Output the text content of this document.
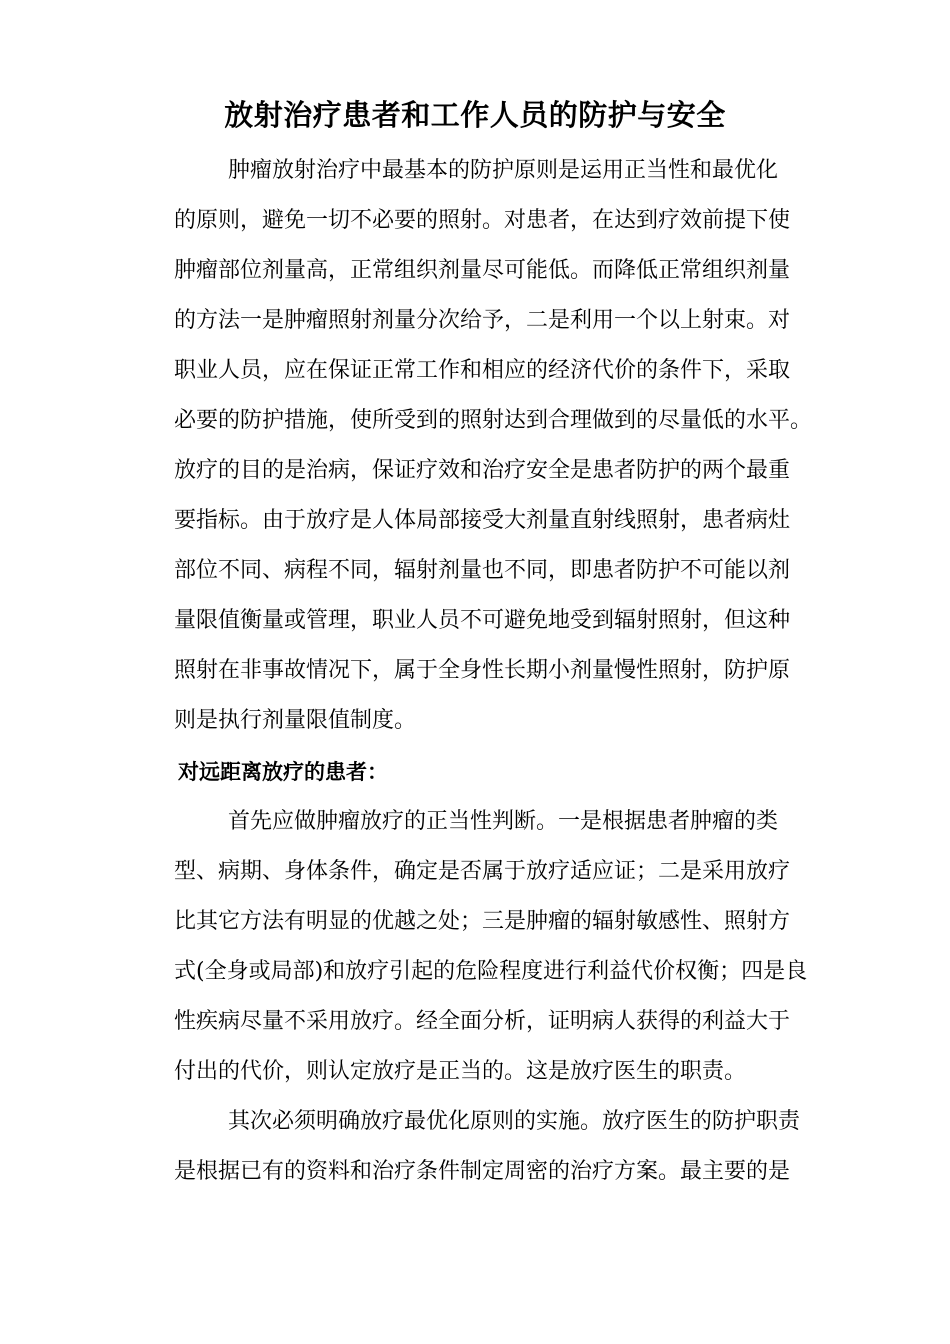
放射治疗患者和工作人员的防护与安全
肿瘤放射治疗中最基本的防护原则是运用正当性和最优化
的原则，避免一切不必要的照射。对患者，在达到疗效前提下使
肿瘤部位剂量高，正常组织剂量尽可能低。而降低正常组织剂量
的方法一是肿瘤照射剂量分次给予，二是利用一个以上射束。对
职业人员，应在保证正常工作和相应的经济代价的条件下，采取
必要的防护措施，使所受到的照射达到合理做到的尽量低的水平。
放疗的目的是治病，保证疗效和治疗安全是患者防护的两个最重
要指标。由于放疗是人体局部接受大剂量直射线照射，患者病灶
部位不同、病程不同，辐射剂量也不同，即患者防护不可能以剂
量限值衡量或管理，职业人员不可避免地受到辐射照射，但这种
照射在非事故情况下，属于全身性长期小剂量慢性照射，防护原
则是执行剂量限值制度。
对远距离放疗的患者：
首先应做肿瘤放疗的正当性判断。一是根据患者肿瘤的类
型、病期、身体条件，确定是否属于放疗适应证；二是采用放疗
比其它方法有明显的优越之处；三是肿瘤的辐射敏感性、照射方
式(全身或局部)和放疗引起的危险程度进行利益代价权衡；四是良
性疾病尽量不采用放疗。经全面分析，证明病人获得的利益大于
付出的代价，则认定放疗是正当的。这是放疗医生的职责。
其次必须明确放疗最优化原则的实施。放疗医生的防护职责
是根据已有的资料和治疗条件制定周密的治疗方案。最主要的是
